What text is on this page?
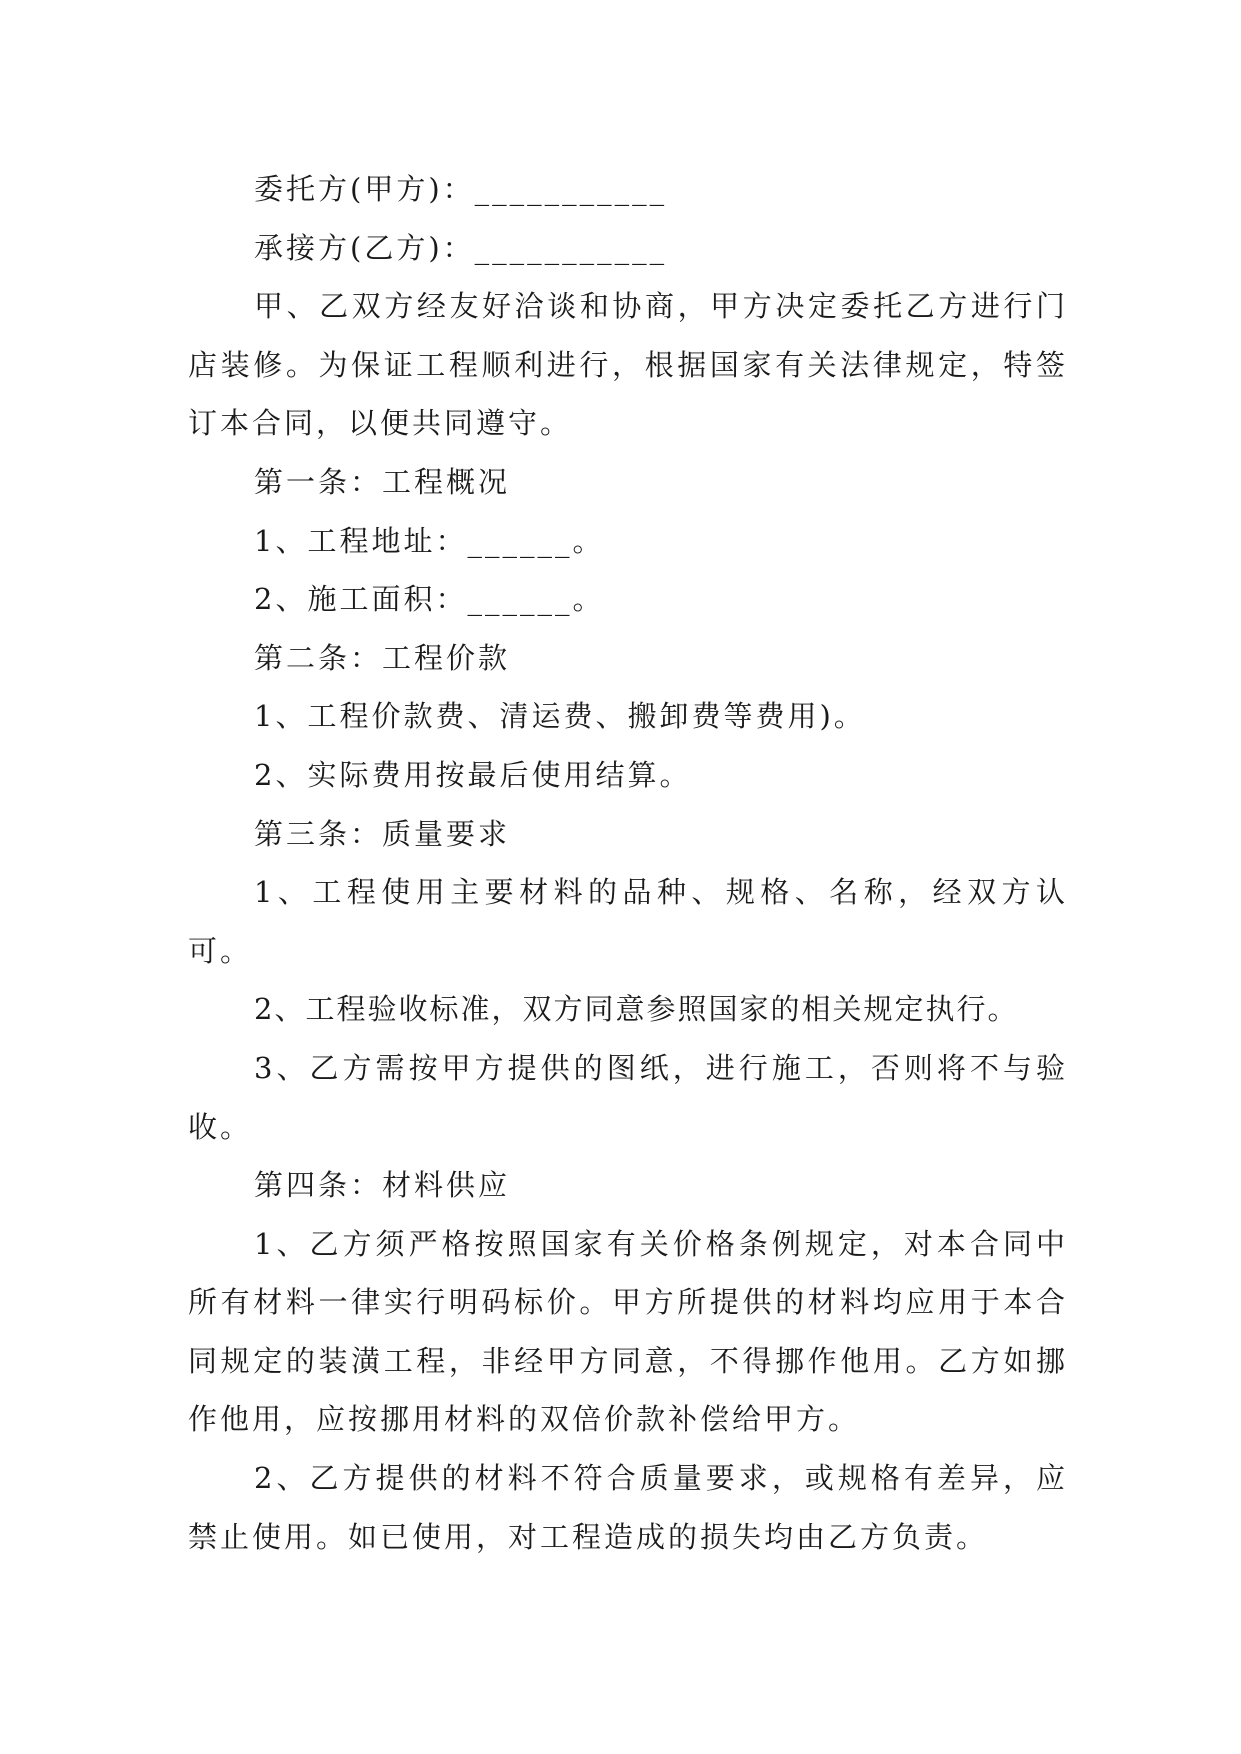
委托方(甲方)：___________

承接方(乙方)：___________

甲、乙双方经友好洽谈和协商，甲方决定委托乙方进行门店装修。为保证工程顺利进行，根据国家有关法律规定，特签订本合同，以便共同遵守。

第一条：工程概况

1、工程地址：______。

2、施工面积：______。

第二条：工程价款

1、工程价款费、清运费、搬卸费等费用)。

2、实际费用按最后使用结算。

第三条：质量要求

1、工程使用主要材料的品种、规格、名称，经双方认可。

2、工程验收标准，双方同意参照国家的相关规定执行。

3、乙方需按甲方提供的图纸，进行施工，否则将不与验收。

第四条：材料供应

1、乙方须严格按照国家有关价格条例规定，对本合同中所有材料一律实行明码标价。甲方所提供的材料均应用于本合同规定的装潢工程，非经甲方同意，不得挪作他用。乙方如挪作他用，应按挪用材料的双倍价款补偿给甲方。

2、乙方提供的材料不符合质量要求，或规格有差异，应禁止使用。如已使用，对工程造成的损失均由乙方负责。
